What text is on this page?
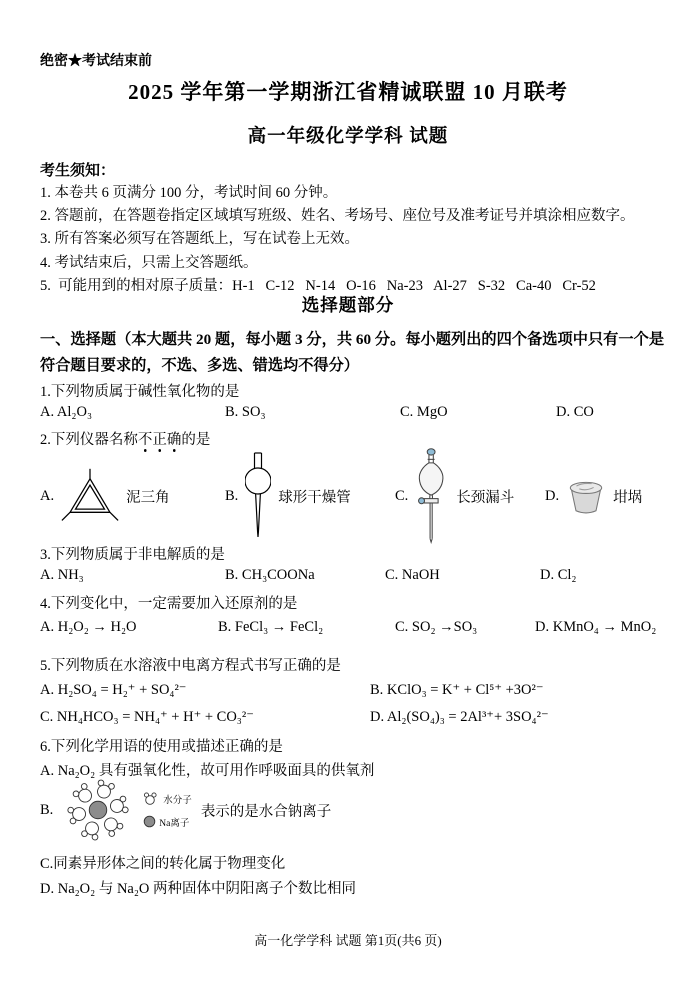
绝密★考试结束前
2025 学年第一学期浙江省精诚联盟 10 月联考
高一年级化学学科 试题
考生须知：
1. 本卷共 6 页满分 100 分，考试时间 60 分钟。
2. 答题前，在答题卷指定区域填写班级、姓名、考场号、座位号及准考证号并填涂相应数字。
3. 所有答案必须写在答题纸上，写在试卷上无效。
4. 考试结束后，只需上交答题纸。
5.  可能用到的相对原子质量：H-1   C-12   N-14   O-16   Na-23   Al-27   S-32   Ca-40   Cr-52
选择题部分
一、选择题（本大题共 20 题，每小题 3 分，共 60 分。每小题列出的四个备选项中只有一个是符合题目要求的，不选、多选、错选均不得分）
1.下列物质属于碱性氧化物的是
A. Al₂O₃	B. SO₃	C. MgO	D. CO
2.下列仪器名称不正确的是
A.	泥三角	B.	球形干燥管	C.	长颈漏斗 D.	坩埚
3.下列物质属于非电解质的是
A. NH₃	B. CH₃COONa	C. NaOH	D. Cl₂
4.下列变化中，一定需要加入还原剂的是
A. H₂O₂ → H₂O	B. FeCl₃ → FeCl₂	C. SO₂ →SO₃	D. KMnO₄ → MnO₂
5.下列物质在水溶液中电离方程式书写正确的是
A. H₂SO₄ = H₂⁺ + SO₄²⁻	B. KClO₃ = K⁺ + Cl⁵⁺ +3O²⁻
C. NH₄HCO₃ = NH₄⁺ + H⁺ + CO₃²⁻	D. Al₂(SO₄)₃ = 2Al³⁺+ 3SO₄²⁻
6.下列化学用语的使用或描述正确的是
A. Na₂O₂ 具有强氧化性，故可用作呼吸面具的供氧剂
B.
水分子
Na离子
表示的是水合钠离子
C.同素异形体之间的转化属于物理变化
D. Na₂O₂ 与 Na₂O 两种固体中阴阳离子个数比相同
高一化学学科 试题 第1页(共6 页)
